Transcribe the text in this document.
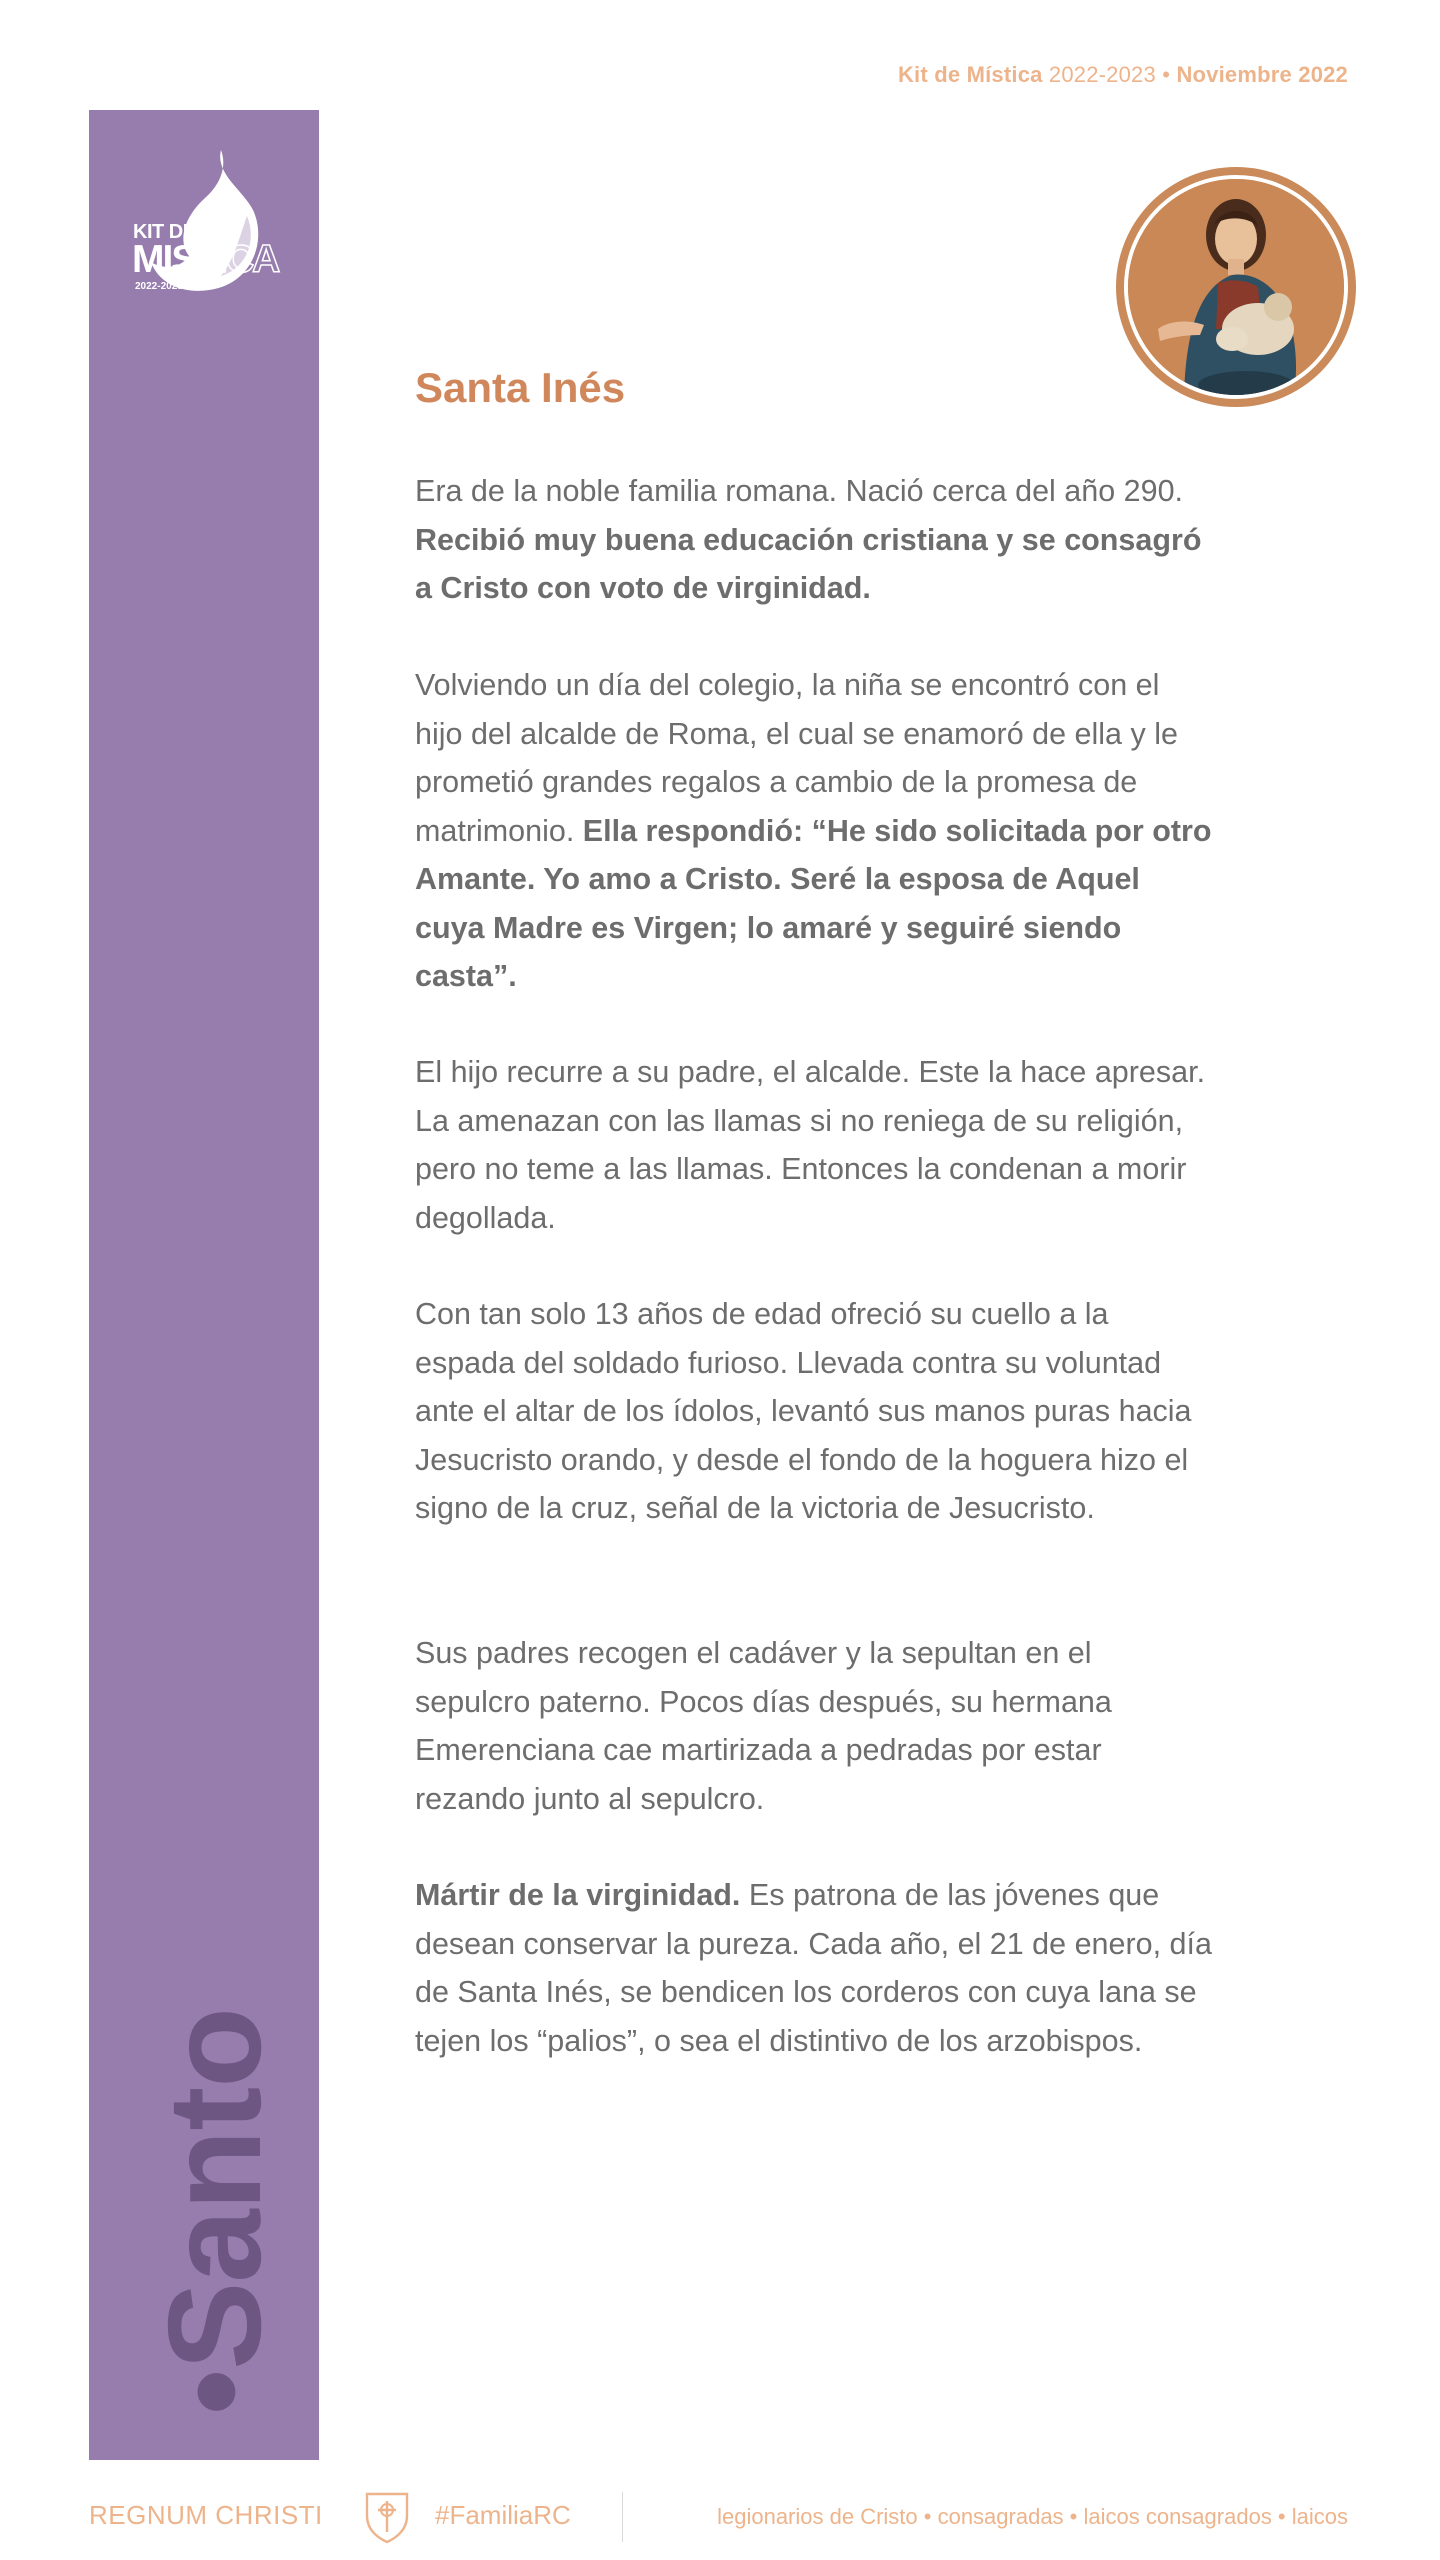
Kit de Mística 2022-2023 • Noviembre 2022
KIT DE
MIS
2022-2023
•Santo
Santa Inés

Era de la noble familia romana. Nació cerca del año 290. Recibió muy buena educación cristiana y se consagró a Cristo con voto de virginidad.

Volviendo un día del colegio, la niña se encontró con el hijo del alcalde de Roma, el cual se enamoró de ella y le prometió grandes regalos a cambio de la promesa de matrimonio. Ella respondió: “He sido solicitada por otro Amante. Yo amo a Cristo. Seré la esposa de Aquel cuya Madre es Virgen; lo amaré y seguiré siendo casta”.

El hijo recurre a su padre, el alcalde. Este la hace apresar. La amenazan con las llamas si no reniega de su religión, pero no teme a las llamas. Entonces la condenan a morir degollada.

Con tan solo 13 años de edad ofreció su cuello a la espada del soldado furioso. Llevada contra su voluntad ante el altar de los ídolos, levantó sus manos puras hacia Jesucristo orando, y desde el fondo de la hoguera hizo el signo de la cruz, señal de la victoria de Jesucristo.

Sus padres recogen el cadáver y la sepultan en el sepulcro paterno. Pocos días después, su hermana Emerenciana cae martirizada a pedradas por estar rezando junto al sepulcro.

Mártir de la virginidad. Es patrona de las jóvenes que desean conservar la pureza. Cada año, el 21 de enero, día de Santa Inés, se bendicen los corderos con cuya lana se tejen los “palios”, o sea el distintivo de los arzobispos.

REGNUM CHRISTI	#FamiliaRC	legionarios de Cristo • consagradas • laicos consagrados • laicos
